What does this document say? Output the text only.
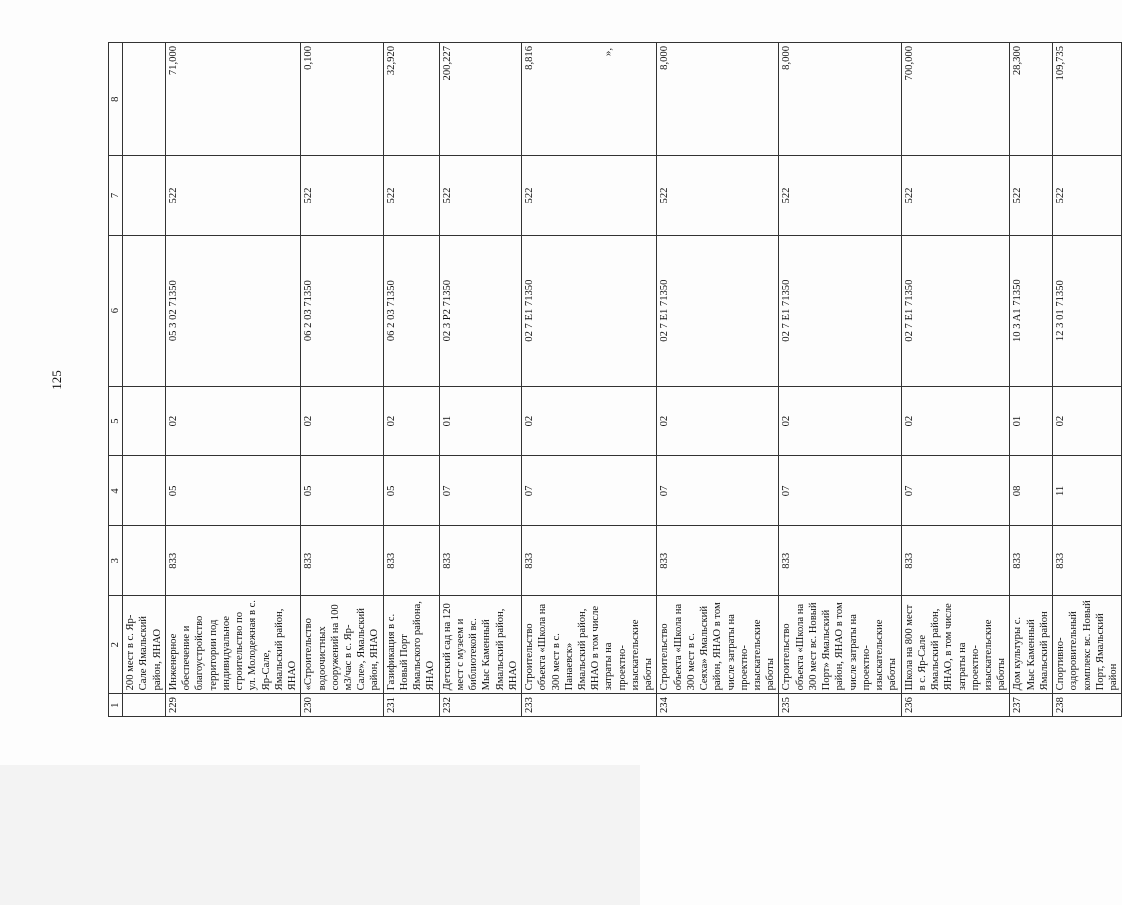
125
»,
1	2	3	4	5	6	7	8
	200 мест в с. Яр-Сале Ямальский район, ЯНАО						
229	Инженерное обеспечение и благоустройство территории под индивидуальное строительство по ул. Молодежная в с. Яр-Сале, Ямальский район, ЯНАО	833	05	02	05 3 02 71350	522	71,000
230	«Строительство водоочистных сооружений на 100 м3/час в с. Яр-Сале», Ямальский район, ЯНАО	833	05	02	06 2 03 71350	522	0,100
231	Газификация в с. Новый Порт Ямальского района, ЯНАО	833	05	02	06 2 03 71350	522	32,920
232	Детский сад на 120 мест с музеем и библиотекой вс. Мыс Каменный Ямальский район, ЯНАО	833	07	01	02 3 P2 71350	522	200,227
233	Строительство объекта «Школа на 300 мест в с. Панаевск» Ямальский район, ЯНАО в том числе затраты на проектно-изыскательские работы	833	07	02	02 7 E1 71350	522	8,816
234	Строительство объекта «Школа на 300 мест в с. Сеяха» Ямальский район, ЯНАО в том числе затраты на проектно-изыскательские работы	833	07	02	02 7 E1 71350	522	8,000
235	Строительство объекта «Школа на 300 мест вс. Новый Порт» Ямальский район, ЯНАО в том числе затраты на проектно-изыскательские работы	833	07	02	02 7 E1 71350	522	8,000
236	Школа на 800 мест в с. Яр-Сале Ямальский район, ЯНАО, в том числе затраты на проектно-изыскательские работы	833	07	02	02 7 E1 71350	522	700,000
237	Дом культуры с. Мыс Каменный Ямальский район	833	08	01	10 3 A1 71350	522	28,300
238	Спортивно-оздоровительный комплекс вс. Новый Порт, Ямальский район	833	11	02	12 3 01 71350	522	109,735
